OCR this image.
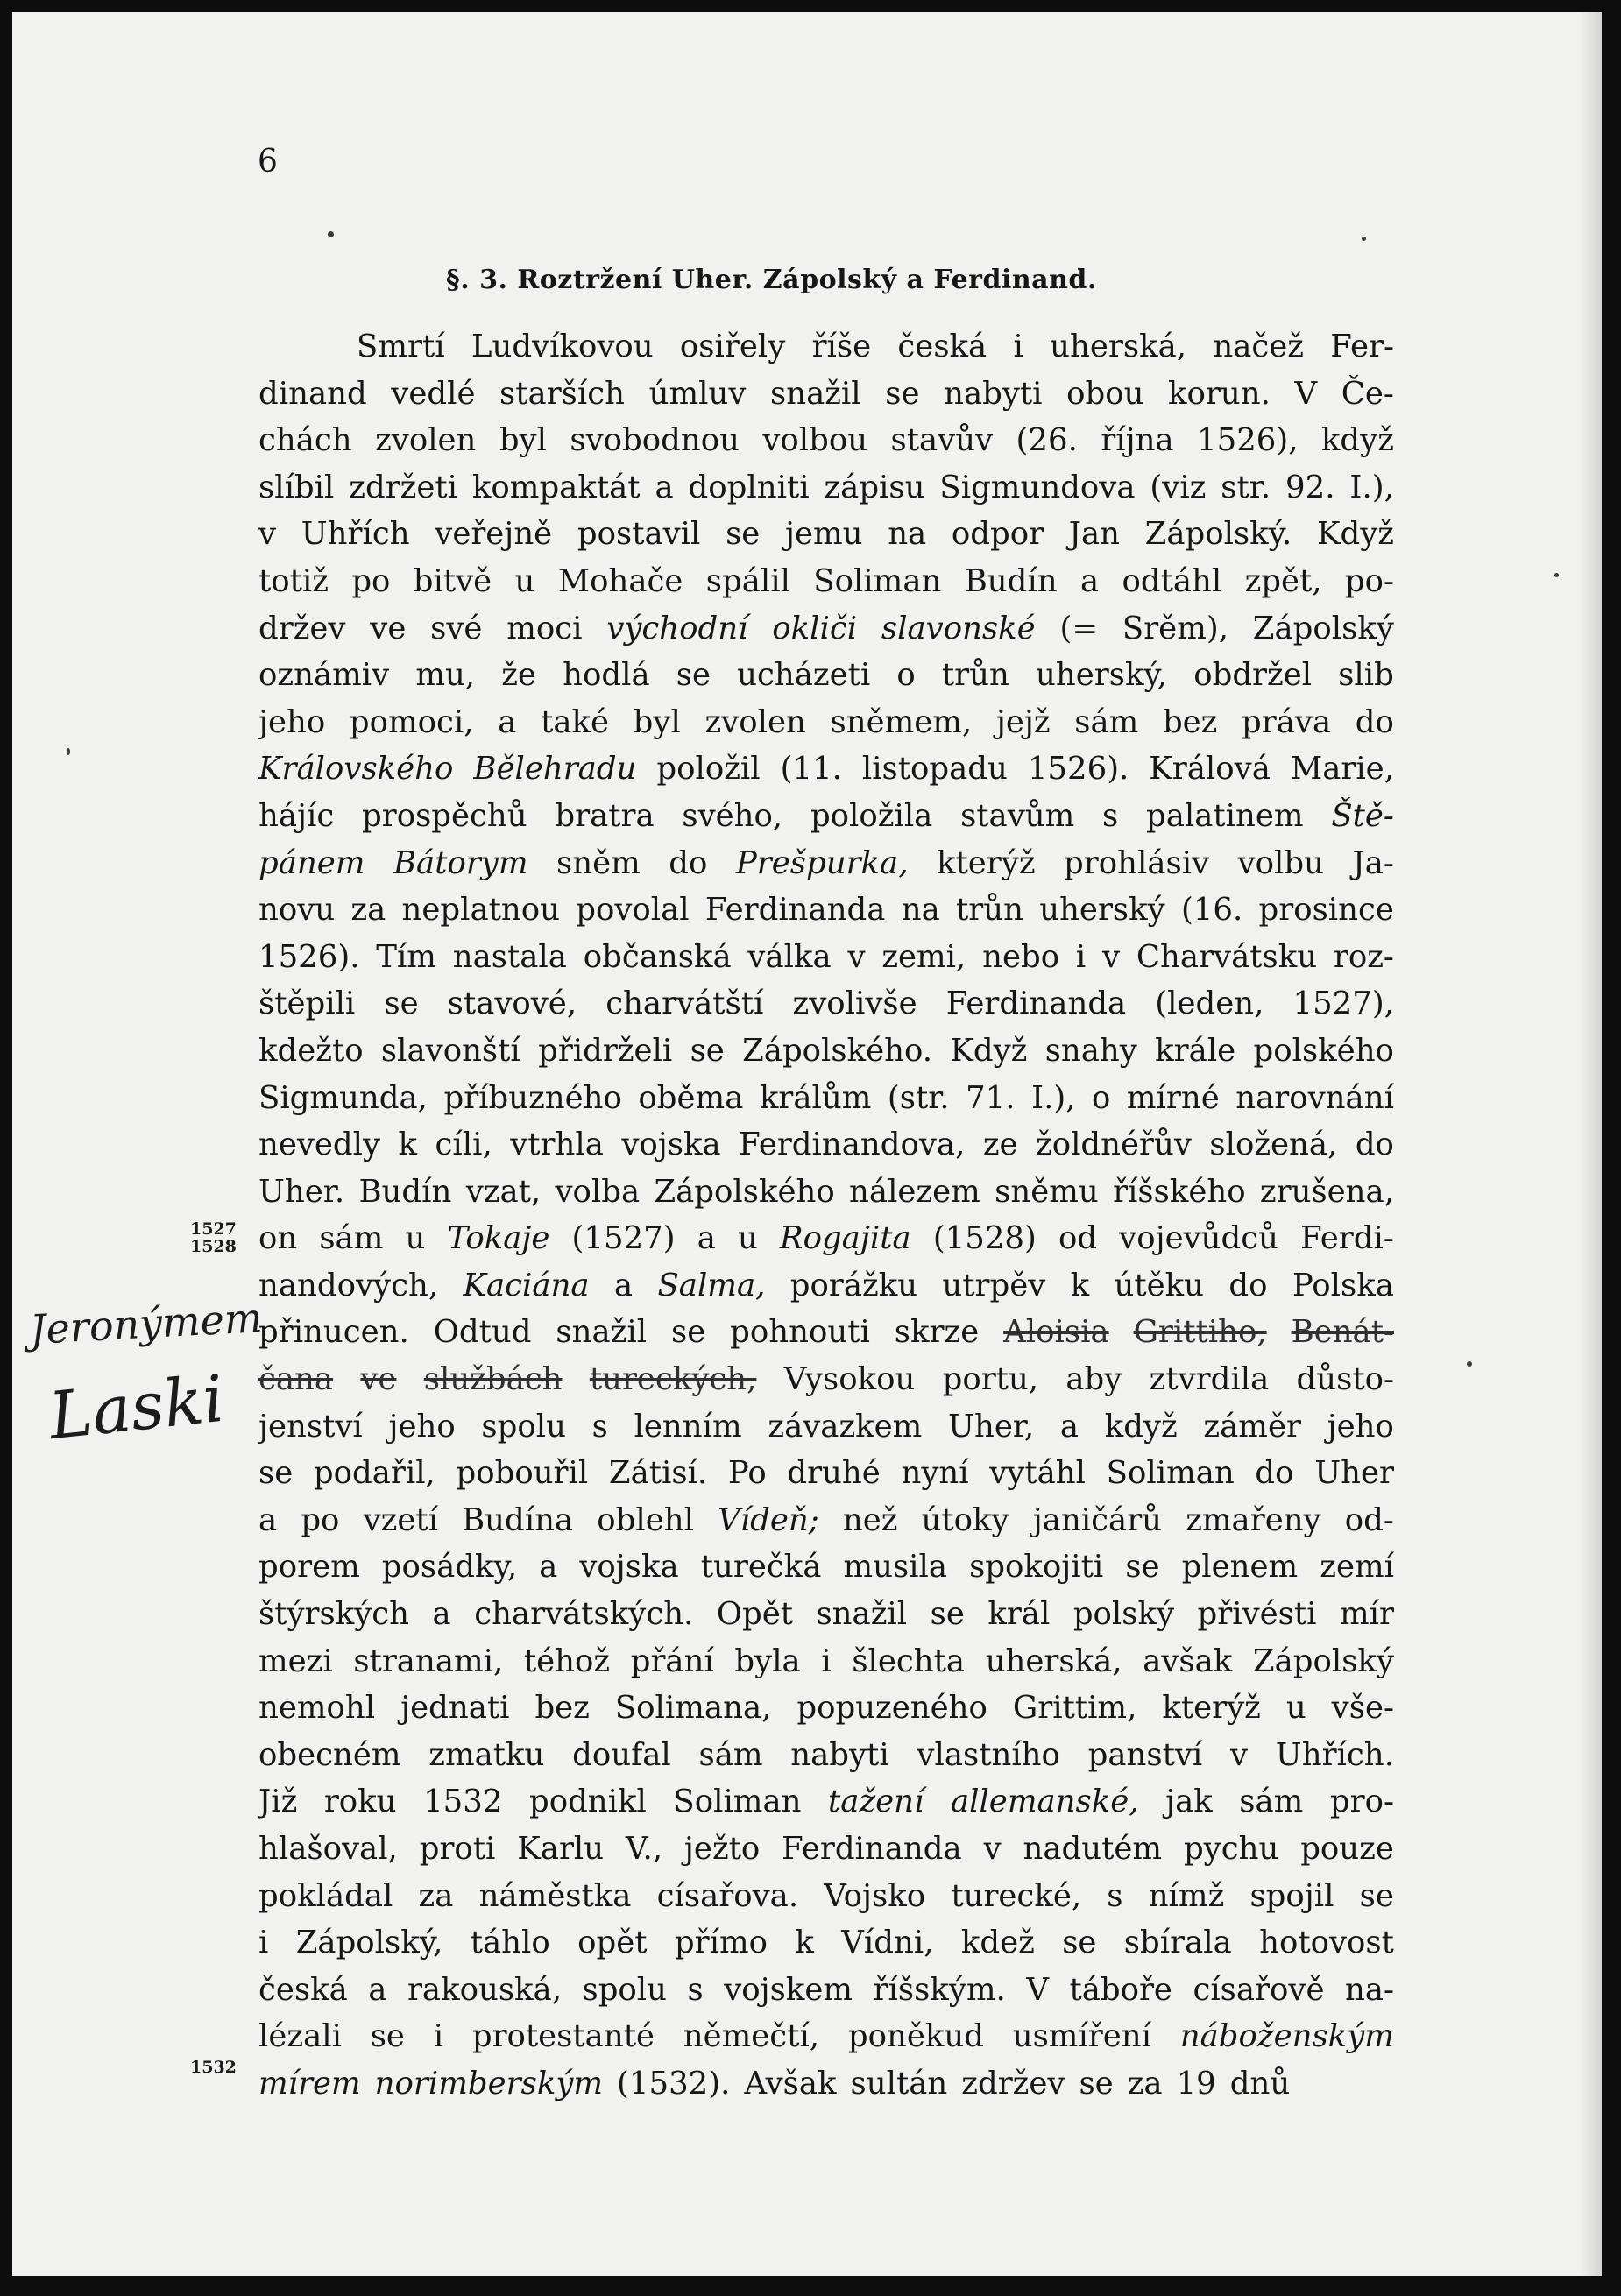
6
§. 3. Roztržení Uher. Zápolský a Ferdinand.
Smrtí Ludvíkovou osiřely říše česká i uherská, načež Fer-
dinand vedlé starších úmluv snažil se nabyti obou korun. V Če-
chách zvolen byl svobodnou volbou stavův (26. října 1526), když
slíbil zdržeti kompaktát a doplniti zápisu Sigmundova (viz str. 92. I.),
v Uhřích veřejně postavil se jemu na odpor Jan Zápolský. Když
totiž po bitvě u Mohače spálil Soliman Budín a odtáhl zpět, po-
držev ve své moci východní okliči slavonské (= Srěm), Zápolský
oznámiv mu, že hodlá se ucházeti o trůn uherský, obdržel slib
jeho pomoci, a také byl zvolen sněmem, jejž sám bez práva do
Královského Bělehradu položil (11. listopadu 1526). Králová Marie,
hájíc prospěchů bratra svého, položila stavům s palatinem Ště-
pánem Bátorym sněm do Prešpurka, kterýž prohlásiv volbu Ja-
novu za neplatnou povolal Ferdinanda na trůn uherský (16. prosince
1526). Tím nastala občanská válka v zemi, nebo i v Charvátsku roz-
štěpili se stavové, charvátští zvolivše Ferdinanda (leden, 1527),
kdežto slavonští přidrželi se Zápolského. Když snahy krále polského
Sigmunda, příbuzného oběma králům (str. 71. I.), o mírné narovnání
nevedly k cíli, vtrhla vojska Ferdinandova, ze žoldnéřův složená, do
Uher. Budín vzat, volba Zápolského nálezem sněmu říšského zrušena,
on sám u Tokaje (1527) a u Rogajita (1528) od vojevůdců Ferdi-
nandových, Kaciána a Salma, porážku utrpěv k útěku do Polska
přinucen. Odtud snažil se pohnouti skrze Aloisia Grittiho, Benát-
čana ve službách tureckých, Vysokou portu, aby ztvrdila důsto-
jenství jeho spolu s lenním závazkem Uher, a když záměr jeho
se podařil, pobouřil Zátisí. Po druhé nyní vytáhl Soliman do Uher
a po vzetí Budína oblehl Vídeň; než útoky janičárů zmařeny od-
porem posádky, a vojska turečká musila spokojiti se plenem zemí
štýrských a charvátských. Opět snažil se král polský přivésti mír
mezi stranami, téhož přání byla i šlechta uherská, avšak Zápolský
nemohl jednati bez Solimana, popuzeného Grittim, kterýž u vše-
obecném zmatku doufal sám nabyti vlastního panství v Uhřích.
Již roku 1532 podnikl Soliman tažení allemanské, jak sám pro-
hlašoval, proti Karlu V., ježto Ferdinanda v nadutém pychu pouze
pokládal za náměstka císařova. Vojsko turecké, s nímž spojil se
i Zápolský, táhlo opět přímo k Vídni, kdež se sbírala hotovost
česká a rakouská, spolu s vojskem říšským. V táboře císařově na-
lézali se i protestanté němečtí, poněkud usmíření náboženským
mírem norimberským (1532). Avšak sultán zdržev se za 19 dnů
1527
1528
1532
Jeronýmem
Laski
